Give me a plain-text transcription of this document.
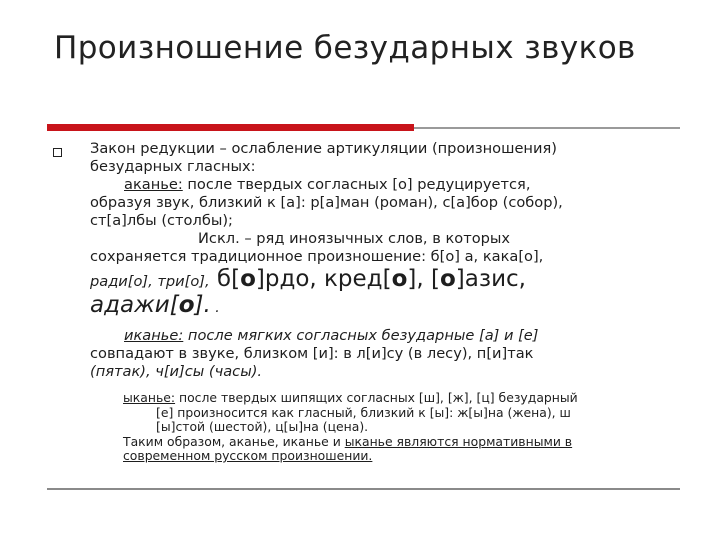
Произношение безударных звуков
Закон редукции – ослабление артикуляции (произношения)
безударных гласных:
аканье: после твердых согласных [о] редуцируется,
образуя звук, близкий к [а]: р[а]ман (роман), с[а]бор (собор),
ст[а]лбы (столбы);
Искл. – ряд иноязычных слов, в которых
сохраняется традиционное произношение: б[о] а, кака[о],
ради[о], три[о], б[о]рдо, кред[о], [о]азис,
адажи[о]. .
иканье: после мягких согласных безударные [а] и [е]
совпадают в звуке, близком [и]: в л[и]су (в лесу), п[и]так
(пятак), ч[и]сы (часы).
ыканье: после твердых шипящих согласных [ш], [ж], [ц] безударный
[е] произносится как гласный, близкий к [ы]: ж[ы]на (жена), ш
[ы]стой (шестой), ц[ы]на (цена).
Таким образом, аканье, иканье и ыканье являются нормативными в
современном русском произношении.
